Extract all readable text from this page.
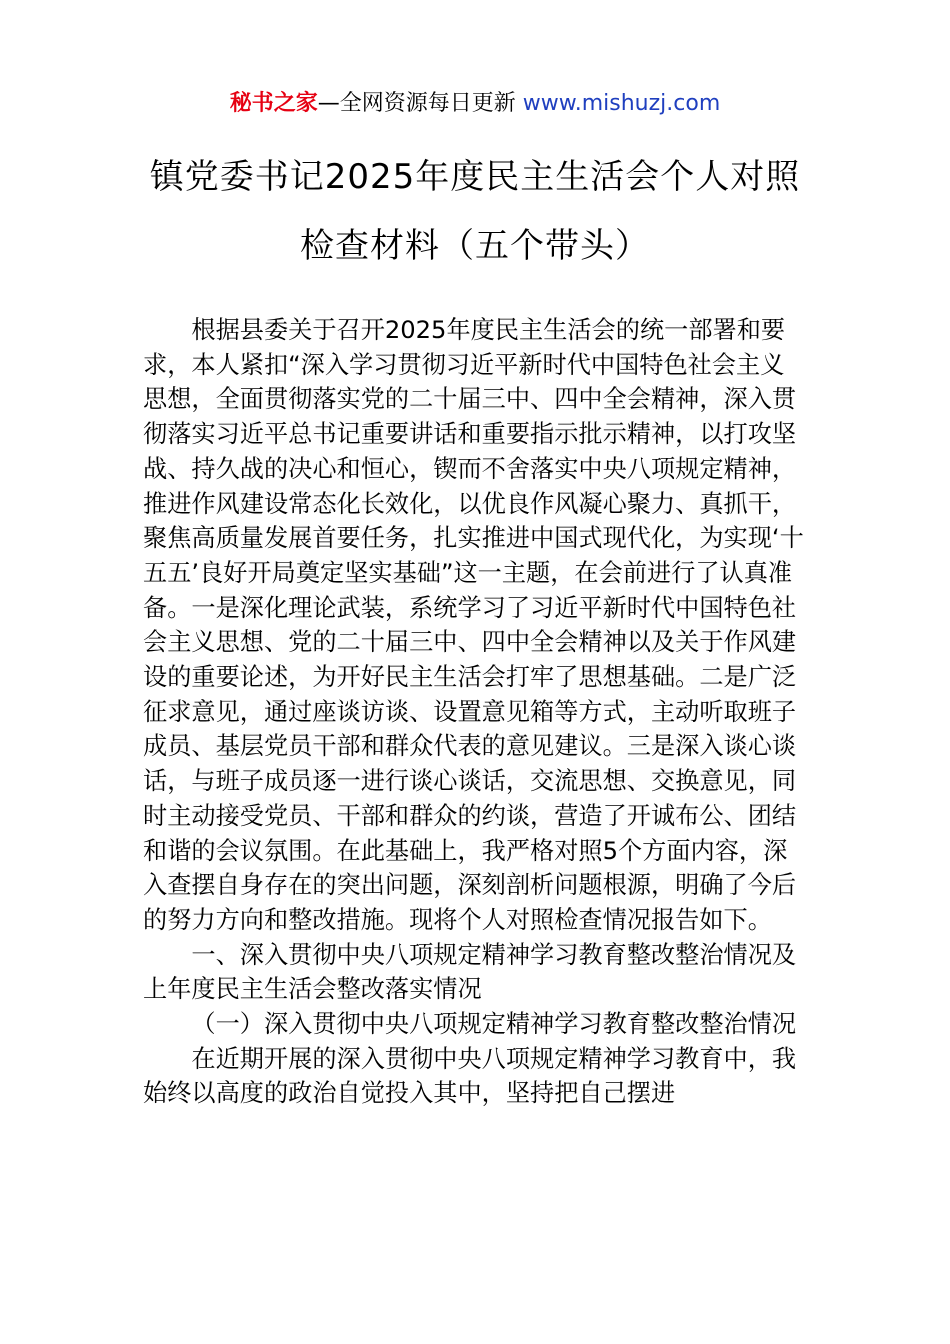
秘书之家—全网资源每日更新 www.mishuzj.com
镇党委书记2025年度民主生活会个人对照
检查材料（五个带头）

根据县委关于召开2025年度民主生活会的统一部署和要求，本人紧扣“深入学习贯彻习近平新时代中国特色社会主义思想，全面贯彻落实党的二十届三中、四中全会精神，深入贯彻落实习近平总书记重要讲话和重要指示批示精神，以打攻坚战、持久战的决心和恒心，锲而不舍落实中央八项规定精神，推进作风建设常态化长效化，以优良作风凝心聚力、真抓干，聚焦高质量发展首要任务，扎实推进中国式现代化，为实现‘十五五’良好开局奠定坚实基础”这一主题，在会前进行了认真准备。一是深化理论武装，系统学习了习近平新时代中国特色社会主义思想、党的二十届三中、四中全会精神以及关于作风建设的重要论述，为开好民主生活会打牢了思想基础。二是广泛征求意见，通过座谈访谈、设置意见箱等方式，主动听取班子成员、基层党员干部和群众代表的意见建议。三是深入谈心谈话，与班子成员逐一进行谈心谈话，交流思想、交换意见，同时主动接受党员、干部和群众的约谈，营造了开诚布公、团结和谐的会议氛围。在此基础上，我严格对照5个方面内容，深入查摆自身存在的突出问题，深刻剖析问题根源，明确了今后的努力方向和整改措施。现将个人对照检查情况报告如下。

一、深入贯彻中央八项规定精神学习教育整改整治情况及上年度民主生活会整改落实情况

（一）深入贯彻中央八项规定精神学习教育整改整治情况

在近期开展的深入贯彻中央八项规定精神学习教育中，我始终以高度的政治自觉投入其中，坚持把自己摆进
